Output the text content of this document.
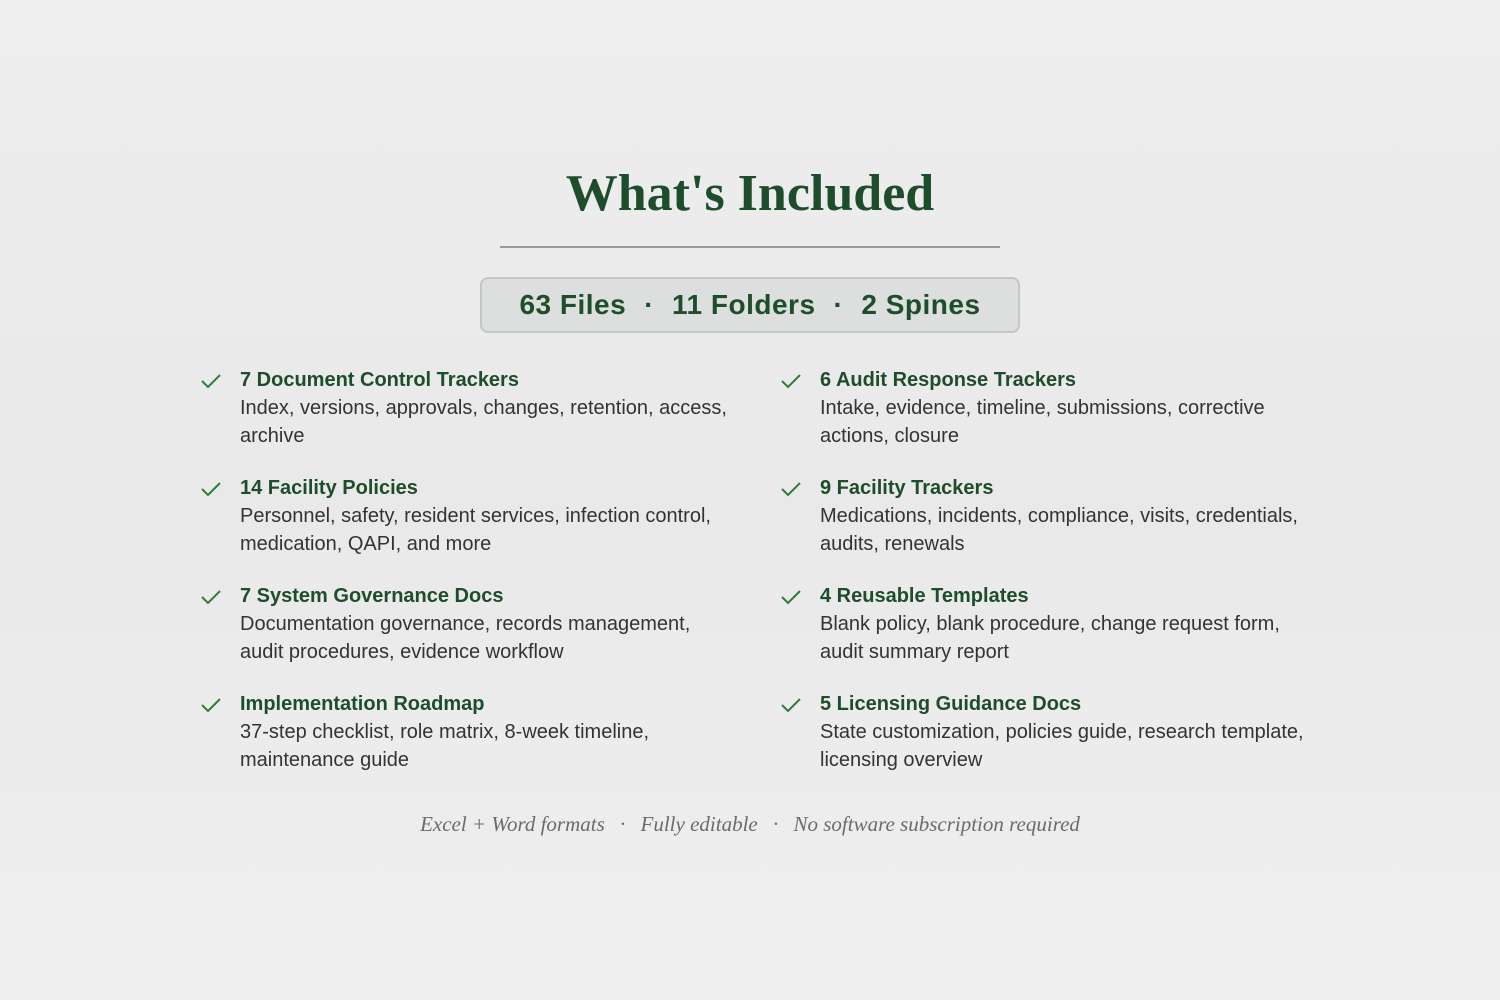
What's Included
63 Files · 11 Folders · 2 Spines
7 Document Control Trackers
Index, versions, approvals, changes, retention, access, archive
6 Audit Response Trackers
Intake, evidence, timeline, submissions, corrective actions, closure
14 Facility Policies
Personnel, safety, resident services, infection control, medication, QAPI, and more
9 Facility Trackers
Medications, incidents, compliance, visits, credentials, audits, renewals
7 System Governance Docs
Documentation governance, records management, audit procedures, evidence workflow
4 Reusable Templates
Blank policy, blank procedure, change request form, audit summary report
Implementation Roadmap
37-step checklist, role matrix, 8-week timeline, maintenance guide
5 Licensing Guidance Docs
State customization, policies guide, research template, licensing overview
Excel + Word formats · Fully editable · No software subscription required
